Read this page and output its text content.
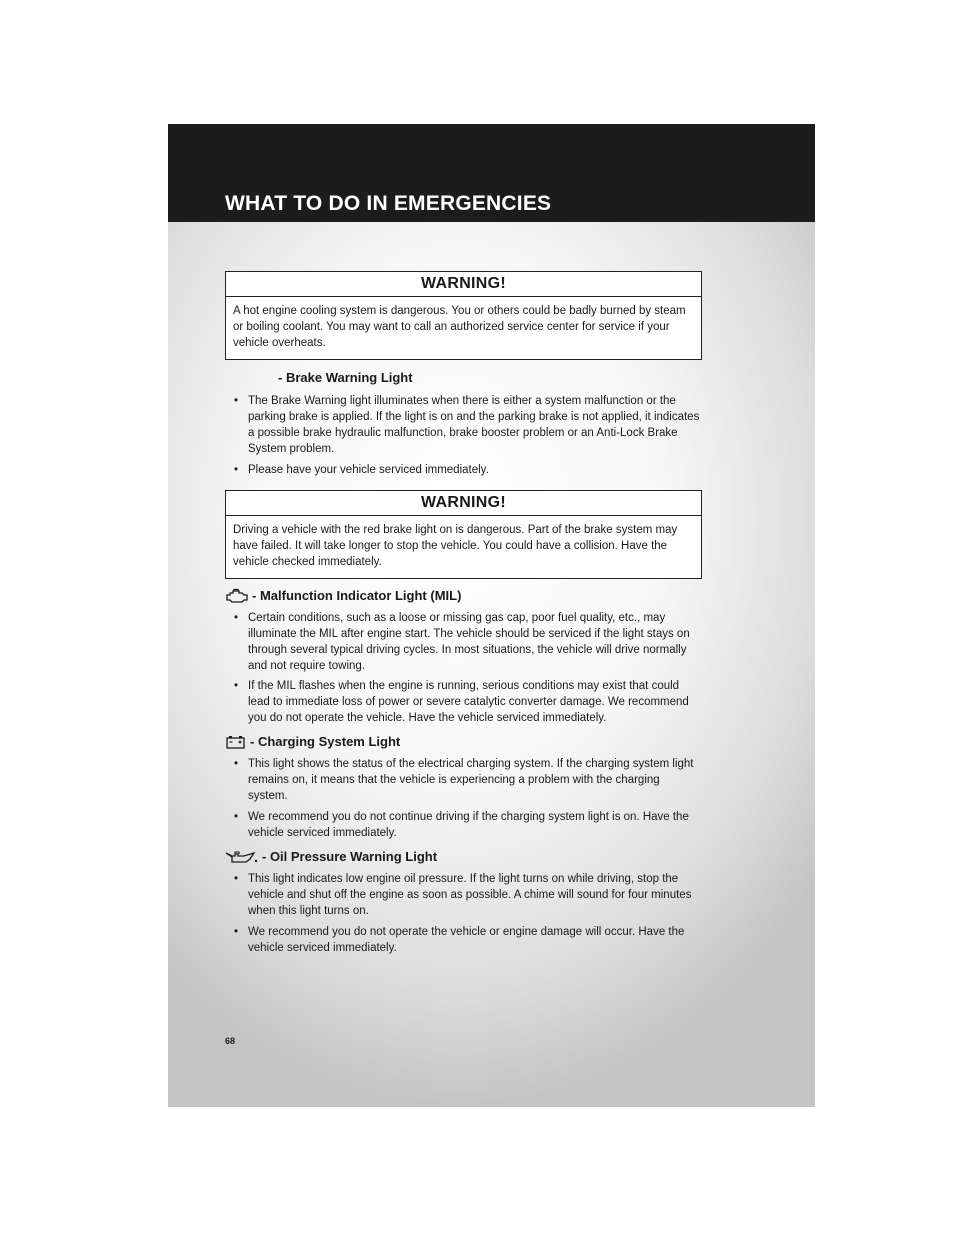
WHAT TO DO IN EMERGENCIES
WARNING!
A hot engine cooling system is dangerous. You or others could be badly burned by steam or boiling coolant. You may want to call an authorized service center for service if your vehicle overheats.
- Brake Warning Light
• The Brake Warning light illuminates when there is either a system malfunction or the parking brake is applied. If the light is on and the parking brake is not applied, it indicates a possible brake hydraulic malfunction, brake booster problem or an Anti-Lock Brake System problem.
• Please have your vehicle serviced immediately.
WARNING!
Driving a vehicle with the red brake light on is dangerous. Part of the brake system may have failed. It will take longer to stop the vehicle. You could have a collision. Have the vehicle checked immediately.
- Malfunction Indicator Light (MIL)
• Certain conditions, such as a loose or missing gas cap, poor fuel quality, etc., may illuminate the MIL after engine start. The vehicle should be serviced if the light stays on through several typical driving cycles. In most situations, the vehicle will drive normally and not require towing.
• If the MIL flashes when the engine is running, serious conditions may exist that could lead to immediate loss of power or severe catalytic converter damage. We recommend you do not operate the vehicle. Have the vehicle serviced immediately.
- Charging System Light
• This light shows the status of the electrical charging system. If the charging system light remains on, it means that the vehicle is experiencing a problem with the charging system.
• We recommend you do not continue driving if the charging system light is on. Have the vehicle serviced immediately.
- Oil Pressure Warning Light
• This light indicates low engine oil pressure. If the light turns on while driving, stop the vehicle and shut off the engine as soon as possible. A chime will sound for four minutes when this light turns on.
• We recommend you do not operate the vehicle or engine damage will occur. Have the vehicle serviced immediately.
68
